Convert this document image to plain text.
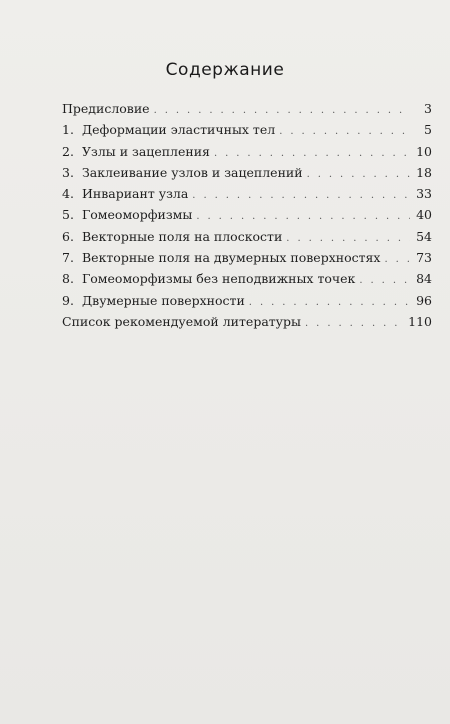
Содержание
Предисловие . . .	3
1. Деформации эластичных тел . . .	5
2. Узлы и зацепления . . .	10
3. Заклеивание узлов и зацеплений . . .	18
4. Инвариант узла . . .	33
5. Гомеоморфизмы . . .	40
6. Векторные поля на плоскости . . .	54
7. Векторные поля на двумерных поверхностях . . .	73
8. Гомеоморфизмы без неподвижных точек . . .	84
9. Двумерные поверхности . . .	96
Список рекомендуемой литературы . . .	110
